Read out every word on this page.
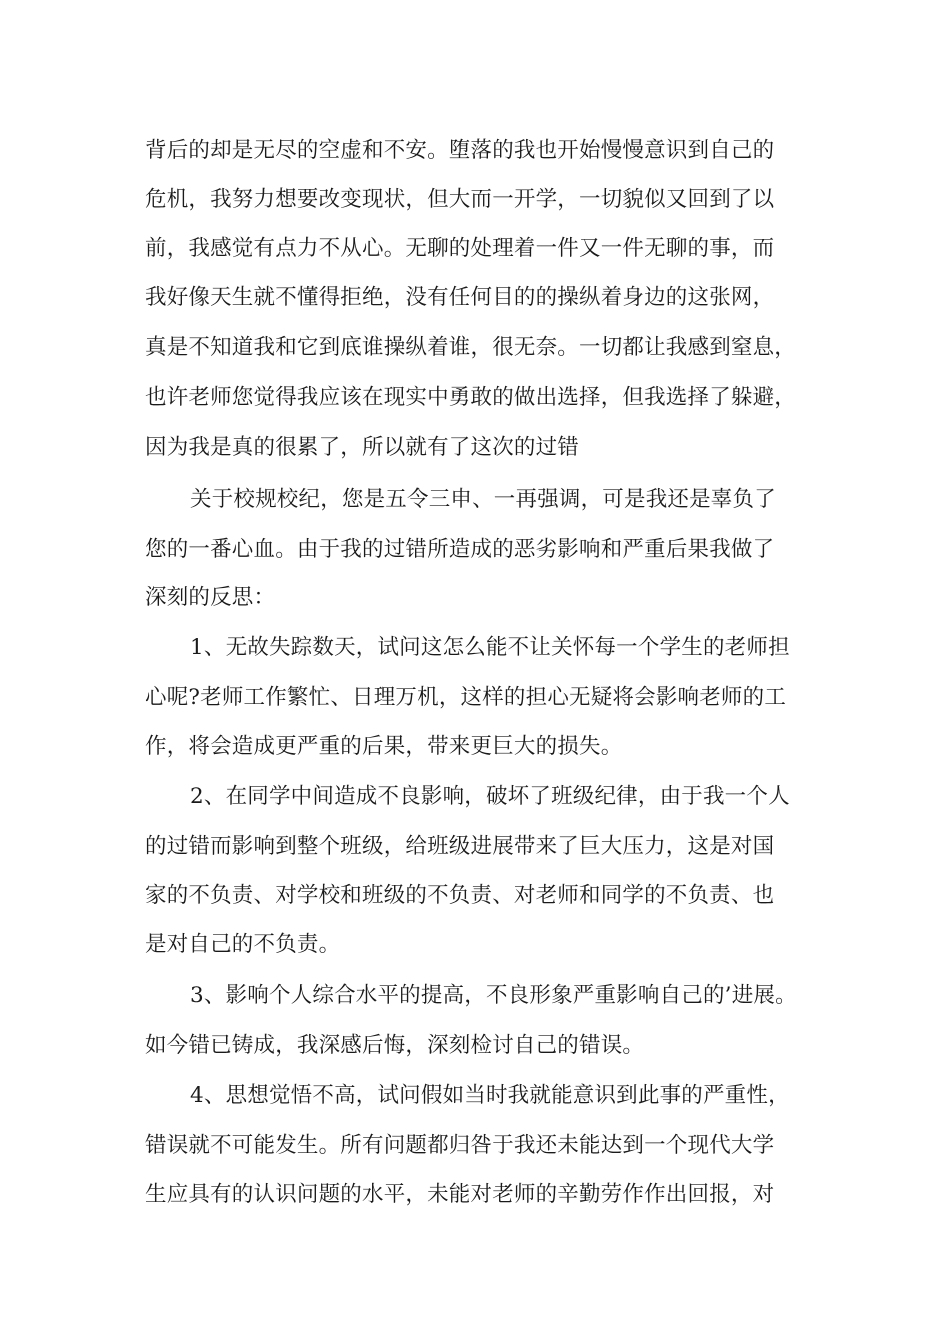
背后的却是无尽的空虚和不安。堕落的我也开始慢慢意识到自己的
危机，我努力想要改变现状，但大而一开学，一切貌似又回到了以
前，我感觉有点力不从心。无聊的处理着一件又一件无聊的事，而
我好像天生就不懂得拒绝，没有任何目的的操纵着身边的这张网，
真是不知道我和它到底谁操纵着谁，很无奈。一切都让我感到窒息，
也许老师您觉得我应该在现实中勇敢的做出选择，但我选择了躲避，
因为我是真的很累了，所以就有了这次的过错
关于校规校纪，您是五令三申、一再强调，可是我还是辜负了
您的一番心血。由于我的过错所造成的恶劣影响和严重后果我做了
深刻的反思：
1、无故失踪数天，试问这怎么能不让关怀每一个学生的老师担
心呢?老师工作繁忙、日理万机，这样的担心无疑将会影响老师的工
作，将会造成更严重的后果，带来更巨大的损失。
2、在同学中间造成不良影响，破坏了班级纪律，由于我一个人
的过错而影响到整个班级，给班级进展带来了巨大压力，这是对国
家的不负责、对学校和班级的不负责、对老师和同学的不负责、也
是对自己的不负责。
3、影响个人综合水平的提高，不良形象严重影响自己的’进展。
如今错已铸成，我深感后悔，深刻检讨自己的错误。
4、思想觉悟不高，试问假如当时我就能意识到此事的严重性，
错误就不可能发生。所有问题都归咎于我还未能达到一个现代大学
生应具有的认识问题的水平，未能对老师的辛勤劳作作出回报，对
